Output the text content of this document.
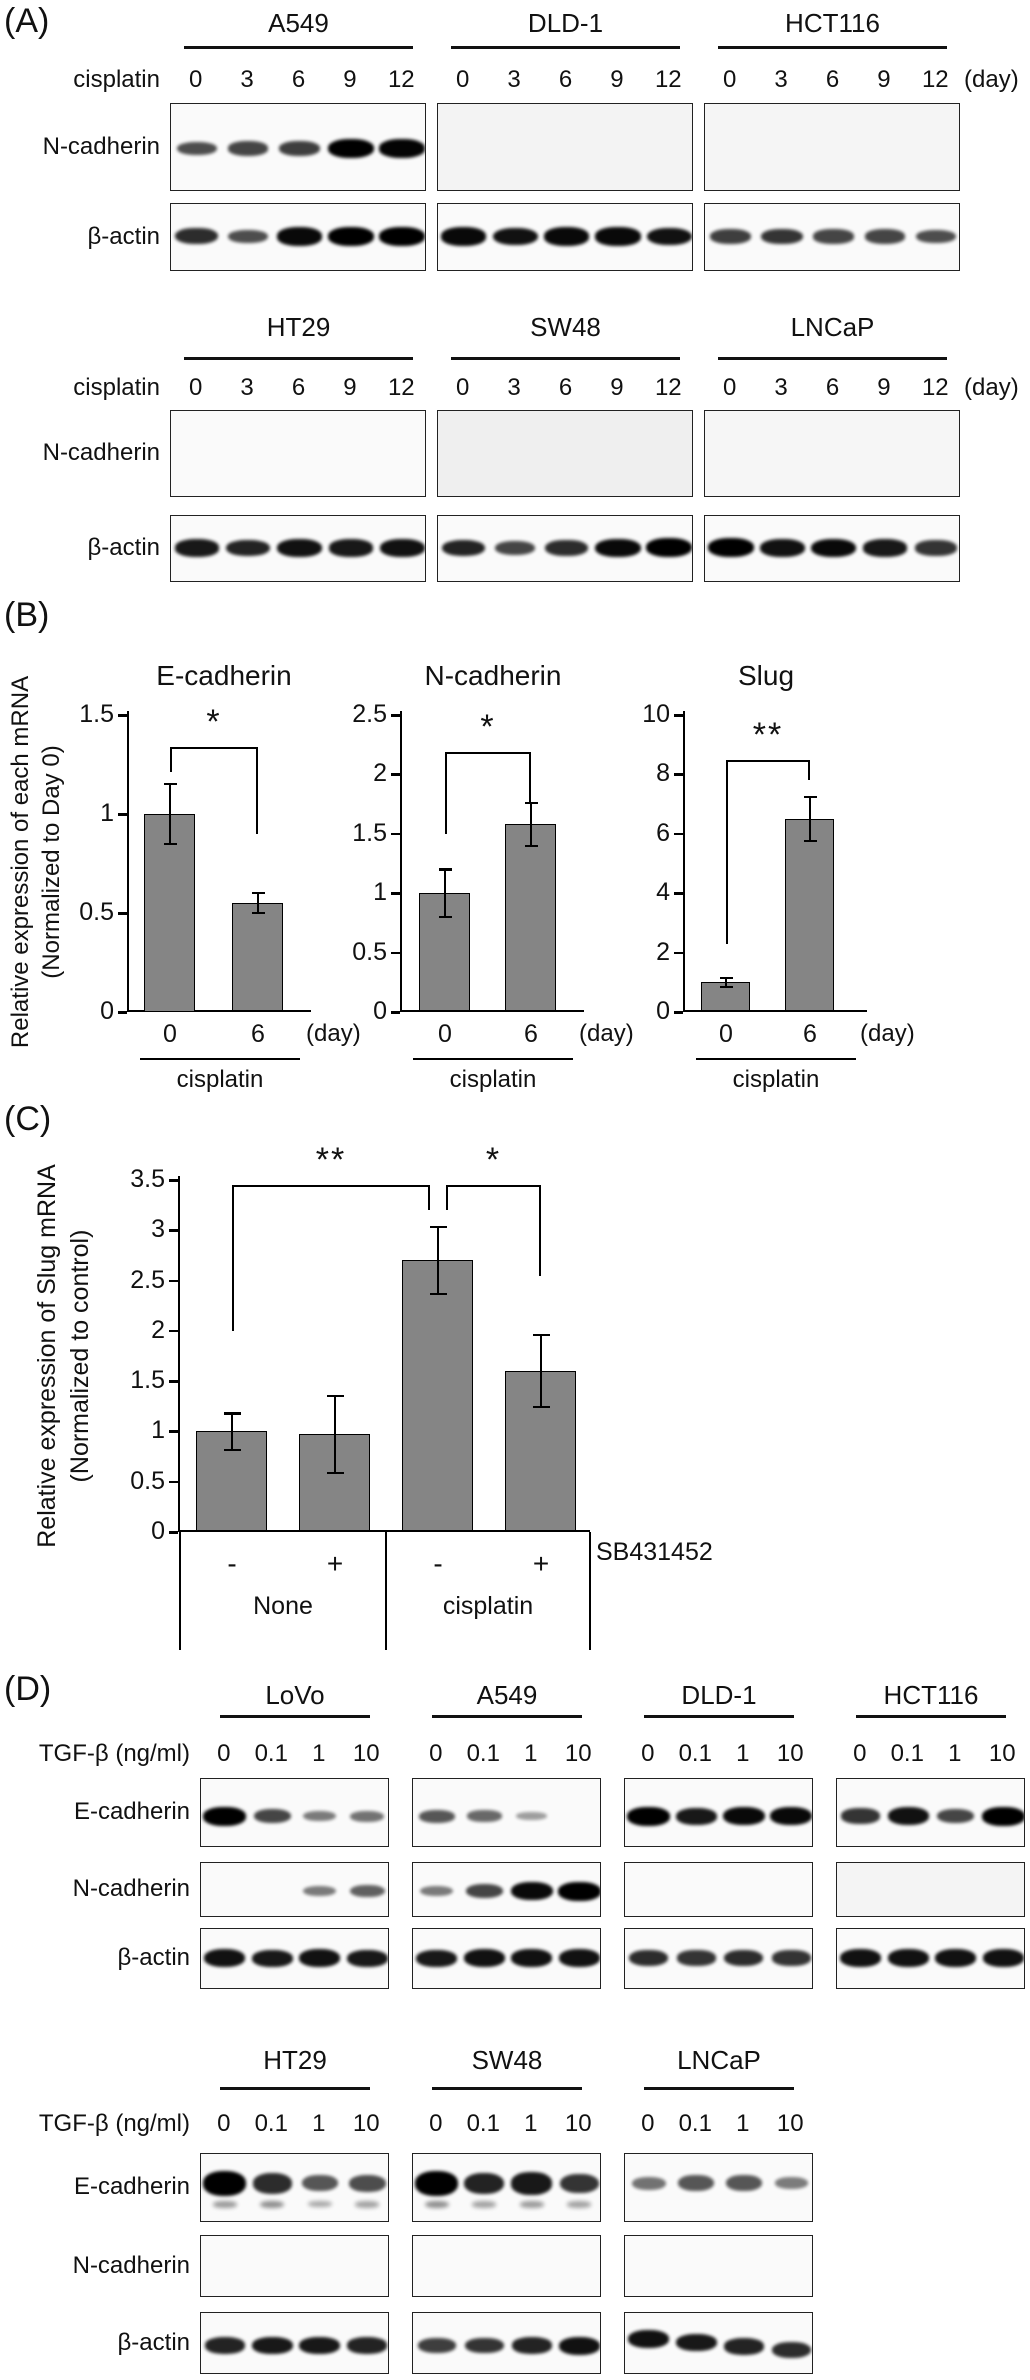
(A)
(B)
(C)
(D)
Relative expression of each mRNA (Normalized to Day 0)
Relative expression of Slug mRNA (Normalized to control)
cisplatin	(day)
A549
0	3	6	9	12
DLD-1
0	3	6	9	12
HCT116
0	3	6	9	12
N-cadherin
β-actin
cisplatin	(day)
HT29
0	3	6	9	12
SW48
0	3	6	9	12
LNCaP
0	3	6	9	12
N-cadherin
β-actin
TGF-β (ng/ml)
LoVo
0	0.1	1	10
A549
0	0.1	1	10
DLD-1
0	0.1	1	10
HCT116
0	0.1	1	10
E-cadherin
N-cadherin
β-actin
TGF-β (ng/ml)
HT29
0	0.1	1	10
SW48
0	0.1	1	10
LNCaP
0	0.1	1	10
E-cadherin
N-cadherin
β-actin
0
0.5
1
1.5	*
E-cadherin
0	6	(day)
cisplatin
0
0.5
1
1.5
2
2.5	*
N-cadherin
0	6	(day)
cisplatin
0
2
4
6
8
10
**
Slug
0	6	(day)
cisplatin
0
0.5
1
1.5
2
2.5
3
3.5	**	*
-	+	-	+
None	cisplatin
SB431452
